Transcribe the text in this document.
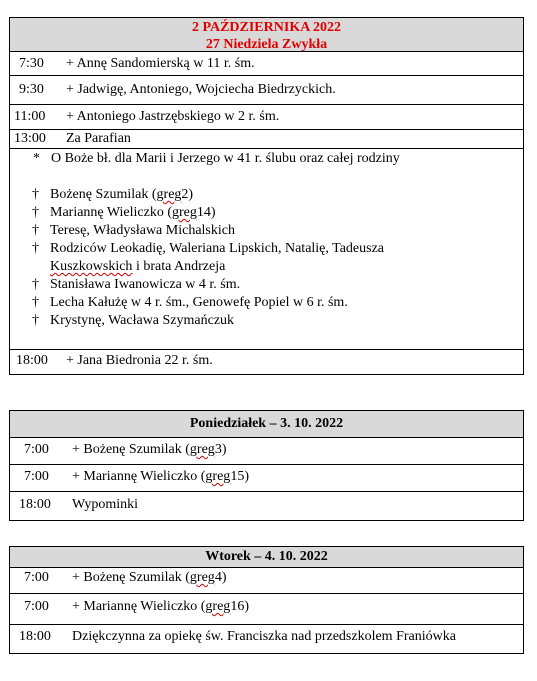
2 PAŹDZIERNIKA 2022
27 Niedziela Zwykła
7:30 + Annę Sandomierską w 11 r. śm.
9:30 + Jadwigę, Antoniego, Wojciecha Biedrzyckich.
11:00 + Antoniego Jastrzębskiego w 2 r. śm.
13:00 Za Parafian
* O Boże bł. dla Marii i Jerzego w 41 r. ślubu oraz całej rodziny
† Bożenę Szumilak (greg2)
† Mariannę Wieliczko (greg14)
† Teresę, Władysława Michalskich
† Rodziców Leokadię, Waleriana Lipskich, Natalię, Tadeusza
Kuszkowskich i brata Andrzeja
† Stanisława Iwanowicza w 4 r. śm.
† Lecha Kałużę w 4 r. śm., Genowefę Popiel w 6 r. śm.
† Krystynę, Wacława Szymańczuk
18:00 + Jana Biedronia 22 r. śm.
Poniedziałek – 3. 10. 2022
7:00 + Bożenę Szumilak (greg3)
7:00 + Mariannę Wieliczko (greg15)
18:00 Wypominki
Wtorek – 4. 10. 2022
7:00 + Bożenę Szumilak (greg4)
7:00 + Mariannę Wieliczko (greg16)
18:00 Dziękczynna za opiekę św. Franciszka nad przedszkolem Franiówka
